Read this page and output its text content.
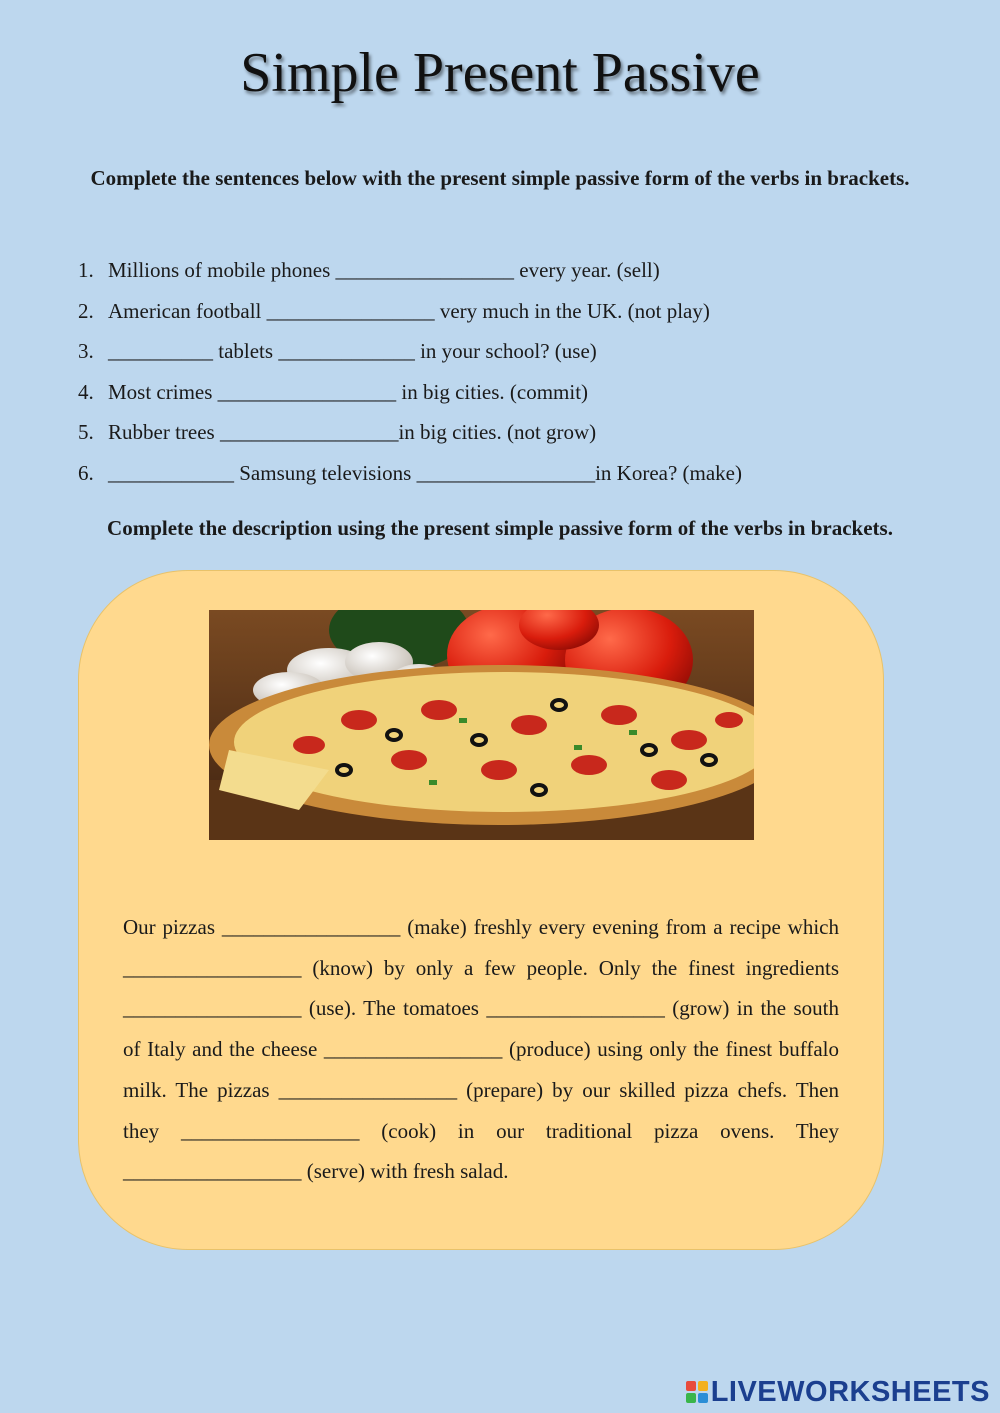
Simple Present Passive
Complete the sentences below with the present simple passive form of the verbs in brackets.
1. Millions of mobile phones _________________ every year. (sell)
2. American football ________________ very much in the UK. (not play)
3. __________ tablets _____________ in your school? (use)
4. Most crimes _________________ in big cities. (commit)
5. Rubber trees _________________in big cities. (not grow)
6. ____________ Samsung televisions _________________in Korea? (make)
Complete the description using the present simple passive form of the verbs in brackets.

Our pizzas _________________ (make) freshly every evening from a recipe which _________________ (know) by only a few people. Only the finest ingredients _________________ (use). The tomatoes _________________ (grow) in the south of Italy and the cheese _________________ (produce) using only the finest buffalo milk. The pizzas _________________ (prepare) by our skilled pizza chefs. Then they _________________ (cook) in our traditional pizza ovens. They _________________ (serve) with fresh salad.

LIVEWORKSHEETS
